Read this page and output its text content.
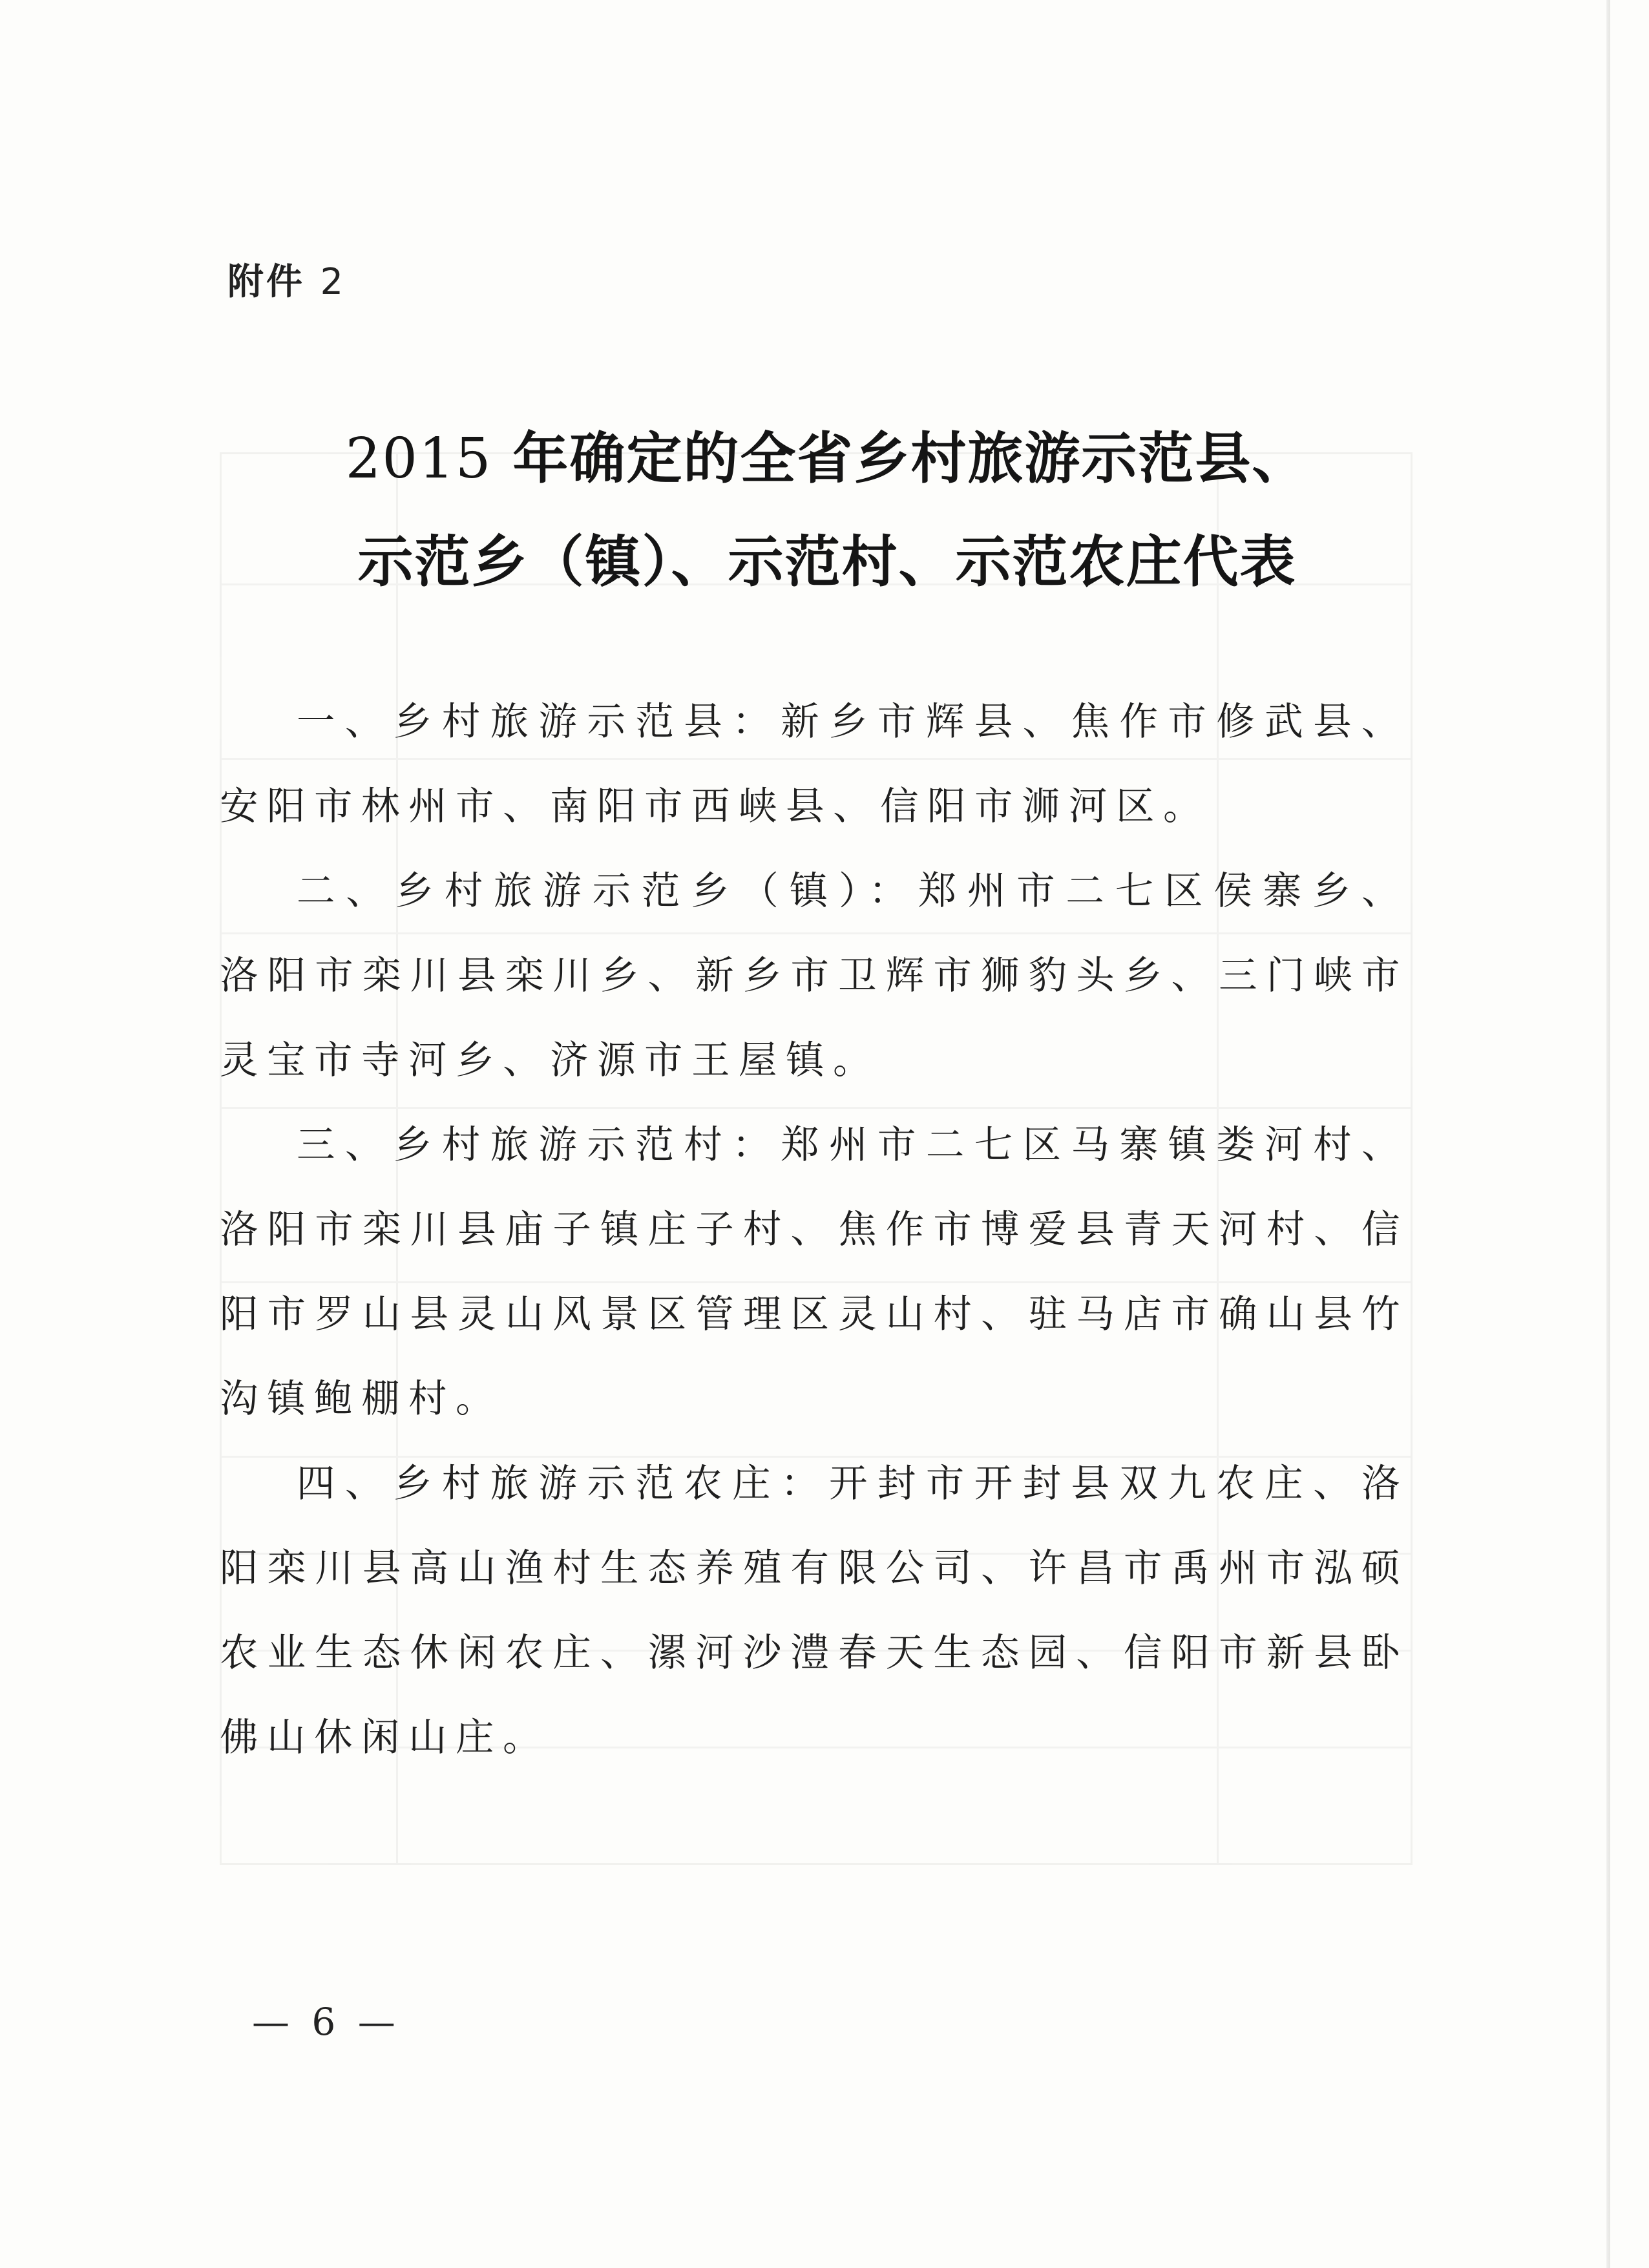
附件 2
2015 年确定的全省乡村旅游示范县、
示范乡（镇）、示范村、示范农庄代表

一、乡村旅游示范县：新乡市辉县、焦作市修武县、安阳市林州市、南阳市西峡县、信阳市浉河区。

二、乡村旅游示范乡（镇）：郑州市二七区侯寨乡、洛阳市栾川县栾川乡、新乡市卫辉市狮豹头乡、三门峡市灵宝市寺河乡、济源市王屋镇。

三、乡村旅游示范村：郑州市二七区马寨镇娄河村、洛阳市栾川县庙子镇庄子村、焦作市博爱县青天河村、信阳市罗山县灵山风景区管理区灵山村、驻马店市确山县竹沟镇鲍棚村。

四、乡村旅游示范农庄：开封市开封县双九农庄、洛阳栾川县高山渔村生态养殖有限公司、许昌市禹州市泓硕农业生态休闲农庄、漯河沙澧春天生态园、信阳市新县卧佛山休闲山庄。

— 6 —
